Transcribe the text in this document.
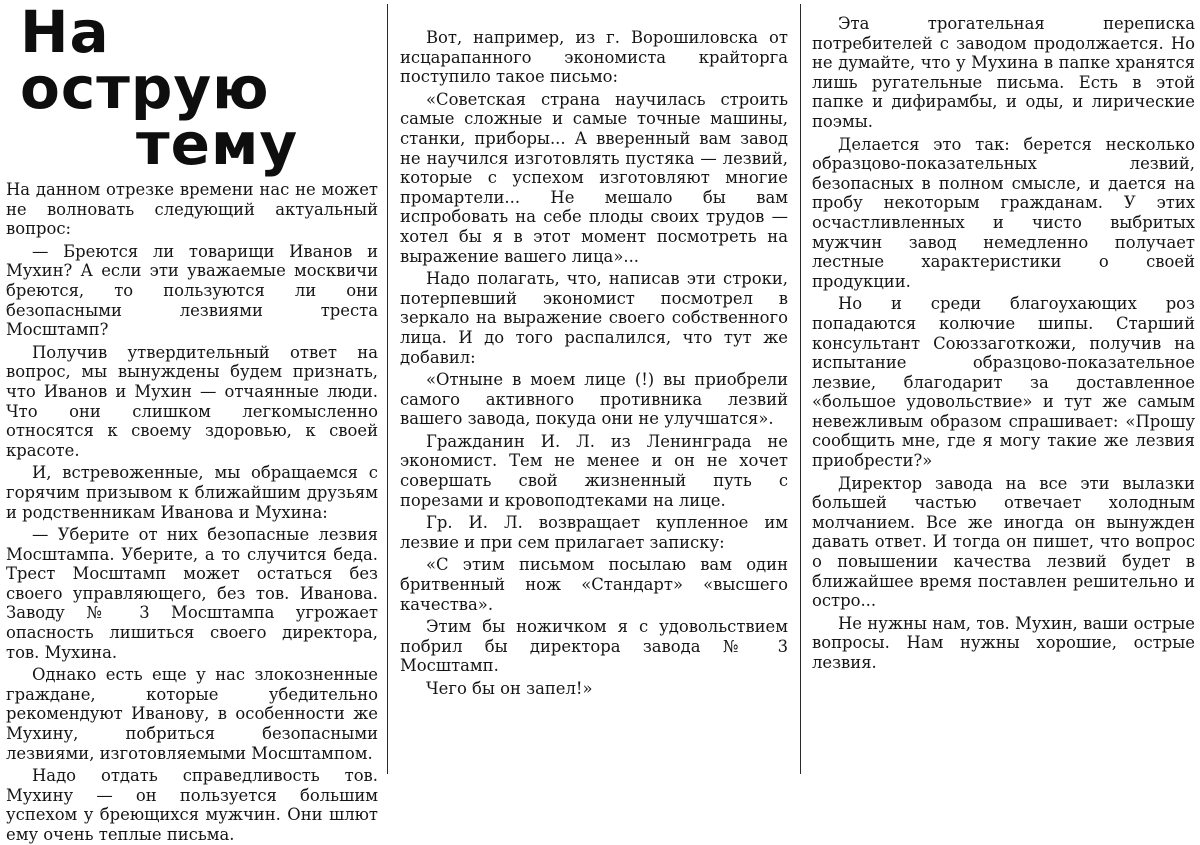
На острую
тему

На данном отрезке времени нас не может не волновать следующий актуальный вопрос:

— Бреются ли товарищи Иванов и Мухин? А если эти уважаемые москвичи бреются, то пользуются ли они безопасными лезвиями треста Мосштамп?

Получив утвердительный ответ на вопрос, мы вынуждены будем признать, что Иванов и Мухин — отчаянные люди. Что они слишком легкомысленно относятся к своему здоровью, к своей красоте.

И, встревоженные, мы обращаемся с горячим призывом к ближайшим друзьям и родственникам Иванова и Мухина:

— Уберите от них безопасные лезвия Мосштампа. Уберите, а то случится беда. Трест Мосштамп может остаться без своего управляющего, без тов. Иванова. Заводу № 3 Мосштампа угрожает опасность лишиться своего директора, тов. Мухина.

Однако есть еще у нас злокозненные граждане, которые убедительно рекомендуют Иванову, в особенности же Мухину, побриться безопасными лезвиями, изготовляемыми Мосштампом.

Надо отдать справедливость тов. Мухину — он пользуется большим успехом у бреющихся мужчин. Они шлют ему очень теплые письма.

Вот, например, из г. Ворошиловска от исцарапанного экономиста крайторга поступило такое письмо:

«Советская страна научилась строить самые сложные и самые точные машины, станки, приборы... А вверенный вам завод не научился изготовлять пустяка — лезвий, которые с успехом изготовляют многие промартели... Не мешало бы вам испробовать на себе плоды своих трудов — хотел бы я в этот момент посмотреть на выражение вашего лица»...

Надо полагать, что, написав эти строки, потерпевший экономист посмотрел в зеркало на выражение своего собственного лица. И до того распалился, что тут же добавил:

«Отныне в моем лице (!) вы приобрели самого активного противника лезвий вашего завода, покуда они не улучшатся».

Гражданин И. Л. из Ленинграда не экономист. Тем не менее и он не хочет совершать свой жизненный путь с порезами и кровоподтеками на лице.

Гр. И. Л. возвращает купленное им лезвие и при сем прилагает записку:

«С этим письмом посылаю вам один бритвенный нож «Стандарт» «высшего качества».

Этим бы ножичком я с удовольствием побрил бы директора завода № 3 Мосштамп.

Чего бы он запел!»

Эта трогательная переписка потребителей с заводом продолжается. Но не думайте, что у Мухина в папке хранятся лишь ругательные письма. Есть в этой папке и дифирамбы, и оды, и лирические поэмы.

Делается это так: берется несколько образцово-показательных лезвий, безопасных в полном смысле, и дается на пробу некоторым гражданам. У этих осчастливленных и чисто выбритых мужчин завод немедленно получает лестные характеристики о своей продукции.

Но и среди благоухающих роз попадаются колючие шипы. Старший консультант Союззаготкожи, получив на испытание образцово-показательное лезвие, благодарит за доставленное «большое удовольствие» и тут же самым невежливым образом спрашивает: «Прошу сообщить мне, где я могу такие же лезвия приобрести?»

Директор завода на все эти вылазки большей частью отвечает холодным молчанием. Все же иногда он вынужден давать ответ. И тогда он пишет, что вопрос о повышении качества лезвий будет в ближайшее время поставлен решительно и остро...

Не нужны нам, тов. Мухин, ваши острые вопросы. Нам нужны хорошие, острые лезвия.
